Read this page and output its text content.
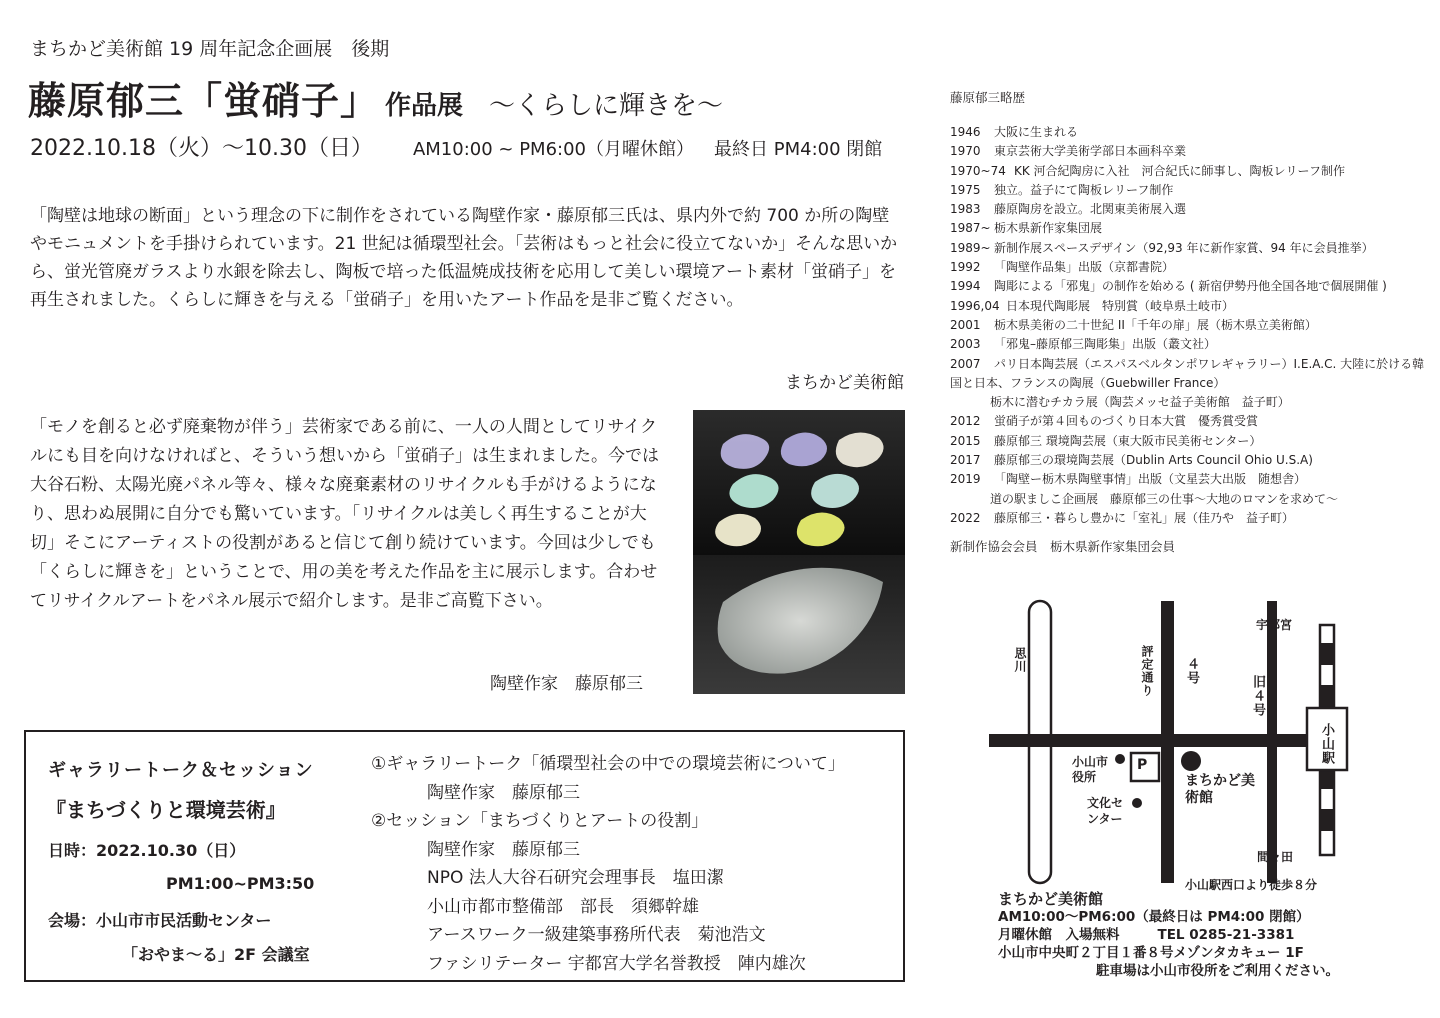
まちかど美術館 19 周年記念企画展　後期
藤原郁三「蛍硝子」 作品展 ～くらしに輝きを～
2022.10.18（火）～10.30（日） AM10:00 ~ PM6:00（月曜休館） 最終日 PM4:00 閉館

「陶壁は地球の断面」という理念の下に制作をされている陶壁作家・藤原郁三氏は、県内外で約 700 か所の陶壁やモニュメントを手掛けられています。21 世紀は循環型社会。「芸術はもっと社会に役立てないか」そんな思いから、蛍光管廃ガラスより水銀を除去し、陶板で培った低温焼成技術を応用して美しい環境アート素材「蛍硝子」を再生されました。くらしに輝きを与える「蛍硝子」を用いたアート作品を是非ご覧ください。

まちかど美術館

「モノを創ると必ず廃棄物が伴う」芸術家である前に、一人の人間としてリサイクルにも目を向けなければと、そういう想いから「蛍硝子」は生まれました。今では大谷石粉、太陽光廃パネル等々、様々な廃棄素材のリサイクルも手がけるようになり、思わぬ展開に自分でも驚いています。「リサイクルは美しく再生することが大切」そこにアーティストの役割があると信じて創り続けています。今回は少しでも「くらしに輝きを」ということで、用の美を考えた作品を主に展示します。合わせてリサイクルアートをパネル展示で紹介します。是非ご高覧下さい。

陶壁作家　藤原郁三
ギャラリートーク＆セッション
『まちづくりと環境芸術』
日時：2022.10.30（日）
PM1:00~PM3:50
会場：小山市市民活動センター
「おやま～る」2F 会議室
①ギャラリートーク「循環型社会の中での環境芸術について」
陶壁作家　藤原郁三
②セッション「まちづくりとアートの役割」
陶壁作家　藤原郁三
NPO 法人大谷石研究会理事長　塩田潔
小山市都市整備部　部長　須郷幹雄
アースワーク一級建築事務所代表　菊池浩文
ファシリテーター 宇都宮大学名誉教授　陣内雄次
藤原郁三略歴
1946 大阪に生まれる
1970 東京芸術大学美術学部日本画科卒業
1970~74 KK 河合紀陶房に入社　河合紀氏に師事し、陶板レリーフ制作
1975 独立。益子にて陶板レリーフ制作
1983 藤原陶房を設立。北関東美術展入選
1987~ 栃木県新作家集団展
1989~ 新制作展スペースデザイン（92,93 年に新作家賞、94 年に会員推挙）
1992 「陶壁作品集」出版（京都書院）
1994 陶彫による「邪鬼」の制作を始める ( 新宿伊勢丹他全国各地で個展開催 )
1996,04 日本現代陶彫展　特別賞（岐阜県土岐市）
2001 栃木県美術の二十世紀 II「千年の扉」展（栃木県立美術館）
2003 「邪鬼–藤原郁三陶彫集」出版（叢文社）
2007 パリ日本陶芸展（エスパスベルタンポワレギャラリー）I.E.A.C. 大陸に於ける韓国と日本、フランスの陶展（Guebwiller France）
栃木に潜むチカラ展（陶芸メッセ益子美術館　益子町）
2012 蛍硝子が第４回ものづくり日本大賞　優秀賞受賞
2015 藤原郁三 環境陶芸展（東大阪市民美術センター）
2017 藤原郁三の環境陶芸展（Dublin Arts Council Ohio U.S.A)
2019 「陶壁ー栃木県陶壁事情」出版（文星芸大出版　随想舎）
道の駅ましこ企画展　藤原郁三の仕事～大地のロマンを求めて～
2022 藤原郁三・暮らし豊かに「室礼」展（佳乃や　益子町）
新制作協会会員　栃木県新作家集団会員
思川	評定通り ４号
旧４号
宇都宮
小山駅
小山市役所
P
まちかど美術館
文化センター
間々田
小山駅西口より徒歩８分
まちかど美術館
AM10:00～PM6:00（最終日は PM4:00 閉館）
月曜休館　入場無料	TEL 0285-21-3381
小山市中央町２丁目１番８号メゾンタカキュー 1F
駐車場は小山市役所をご利用ください。
